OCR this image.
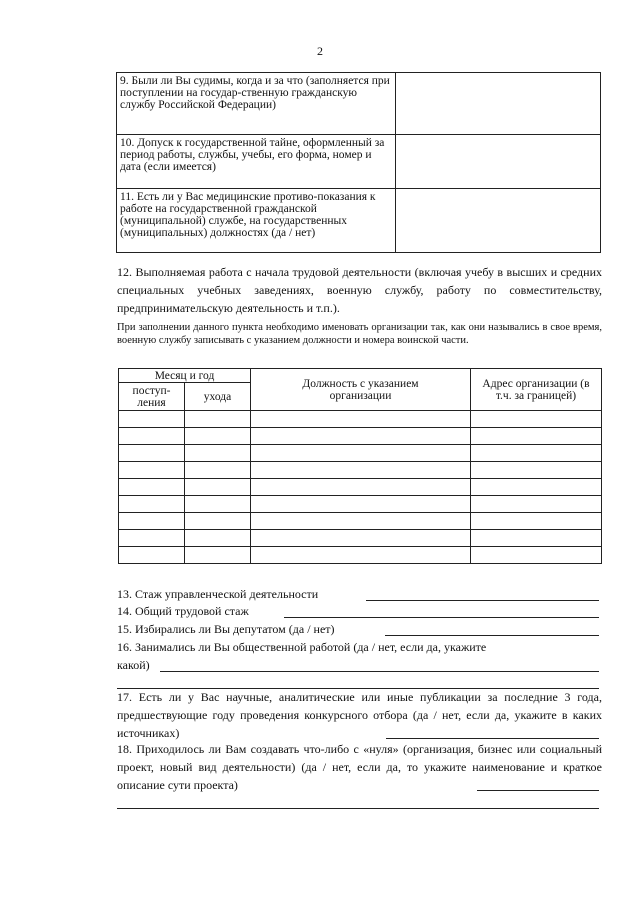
2
9. Были ли Вы судимы, когда и за что (заполняется при поступлении на государ-ственную гражданскую службу Российской Федерации)	
10. Допуск к государственной тайне, оформленный за период работы, службы, учебы, его форма, номер и дата (если имеется)	
11. Есть ли у Вас медицинские противо-показания к работе на государственной гражданской (муниципальной) службе, на государственных (муниципальных) должностях (да / нет)	
12. Выполняемая работа с начала трудовой деятельности (включая учебу в высших и средних специальных учебных заведениях, военную службу, работу по совместительству, предпринимательскую деятельность и т.п.).
При заполнении данного пункта необходимо именовать организации так, как они назывались в свое время, военную службу записывать с указанием должности и номера воинской части.
Месяц и год		Должность с указанием организации	Адрес организации (в т.ч. за границей)
поступ-ления	ухода		

13. Стаж управленческой деятельности
14. Общий трудовой стаж
15. Избирались ли Вы депутатом (да / нет)
16. Занимались ли Вы общественной работой (да / нет, если да, укажите
какой)
17. Есть ли у Вас научные, аналитические или иные публикации за последние 3 года, предшествующие году проведения конкурсного отбора (да / нет, если да, укажите в каких источниках)
18. Приходилось ли Вам создавать что-либо с «нуля» (организация, бизнес или социальный проект, новый вид деятельности) (да / нет, если да, то укажите наименование и краткое описание сути проекта)
